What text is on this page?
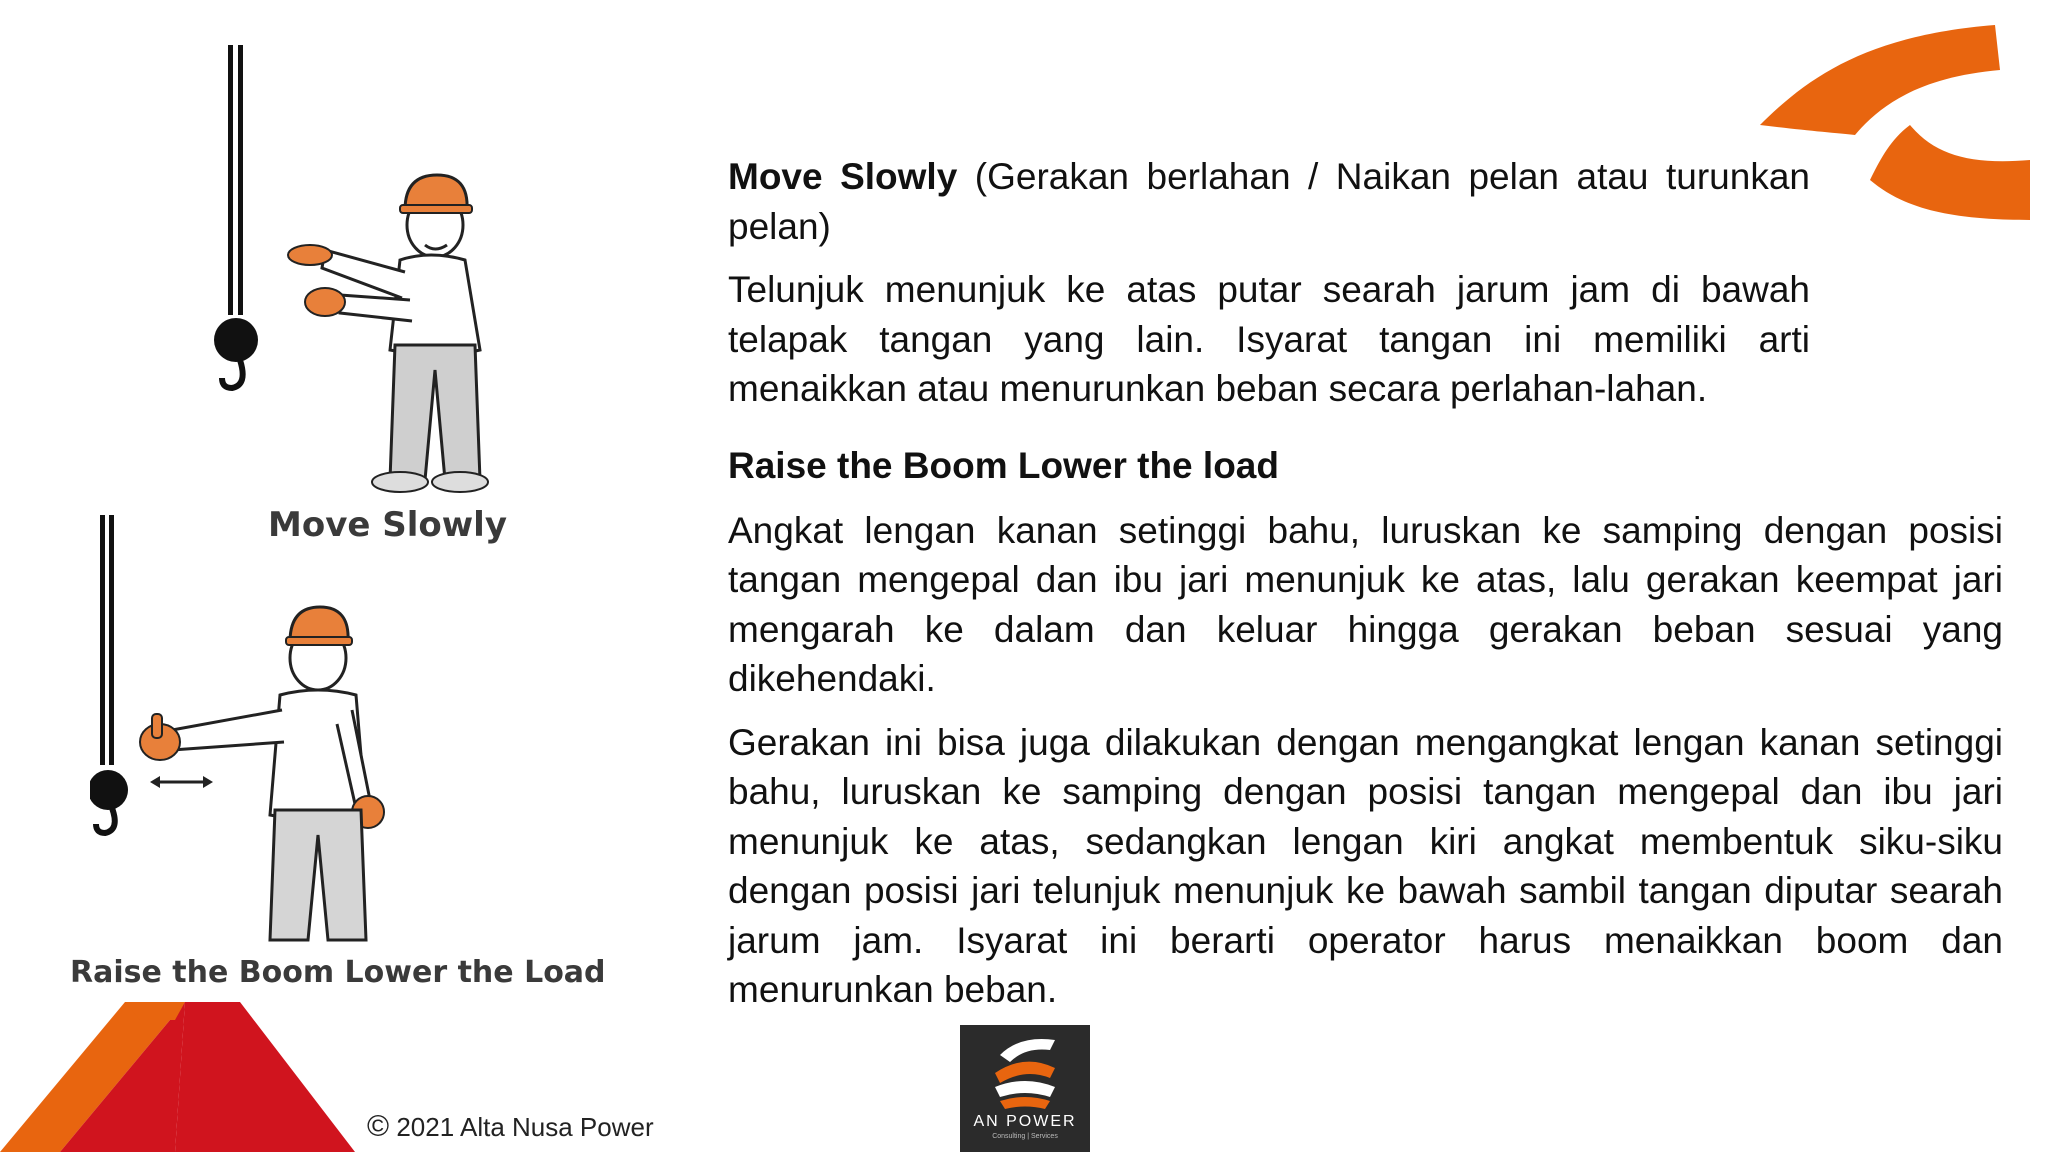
Move Slowly
Raise the Boom Lower the Load

Move Slowly (Gerakan berlahan / Naikan pelan atau turunkan pelan)

Telunjuk menunjuk ke atas putar searah jarum jam di bawah telapak tangan yang lain. Isyarat tangan ini memiliki arti menaikkan atau menurunkan beban secara perlahan-lahan.

Raise the Boom Lower the load

Angkat lengan kanan setinggi bahu, luruskan ke samping dengan posisi tangan mengepal dan ibu jari menunjuk ke atas, lalu gerakan keempat jari mengarah ke dalam dan keluar hingga gerakan beban sesuai yang dikehendaki.

Gerakan ini bisa juga dilakukan dengan mengangkat lengan kanan setinggi bahu, luruskan ke samping dengan posisi tangan mengepal dan ibu jari menunjuk ke atas, sedangkan lengan kiri angkat membentuk siku-siku dengan posisi jari telunjuk menunjuk ke bawah sambil tangan diputar searah jarum jam. Isyarat ini berarti operator harus menaikkan boom dan menurunkan beban.

© 2021 Alta Nusa Power	AN POWER
Consulting | Services
